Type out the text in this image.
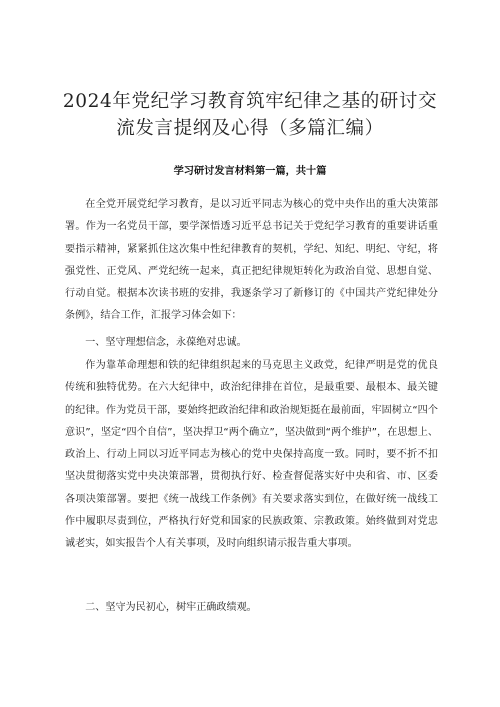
2024年党纪学习教育筑牢纪律之基的研讨交
流发言提纲及心得（多篇汇编）
学习研讨发言材料第一篇，共十篇

在全党开展党纪学习教育，是以习近平同志为核心的党中央作出的重大决策部署。作为一名党员干部，要学深悟透习近平总书记关于党纪学习教育的重要讲话重要指示精神，紧紧抓住这次集中性纪律教育的契机，学纪、知纪、明纪、守纪，将强党性、正党风、严党纪统一起来，真正把纪律规矩转化为政治自觉、思想自觉、行动自觉。根据本次读书班的安排，我逐条学习了新修订的《中国共产党纪律处分条例》，结合工作，汇报学习体会如下：

一、坚守理想信念，永葆绝对忠诚。

作为靠革命理想和铁的纪律组织起来的马克思主义政党，纪律严明是党的优良传统和独特优势。在六大纪律中，政治纪律排在首位，是最重要、最根本、最关键的纪律。作为党员干部，要始终把政治纪律和政治规矩挺在最前面，牢固树立“四个意识”，坚定“四个自信”，坚决捍卫“两个确立”，坚决做到“两个维护”，在思想上、政治上、行动上同以习近平同志为核心的党中央保持高度一致。同时，要不折不扣坚决贯彻落实党中央决策部署，贯彻执行好、检查督促落实好中央和省、市、区委各项决策部署。要把《统一战线工作条例》有关要求落实到位，在做好统一战线工作中履职尽责到位，严格执行好党和国家的民族政策、宗教政策。始终做到对党忠诚老实，如实报告个人有关事项，及时向组织请示报告重大事项。

二、坚守为民初心，树牢正确政绩观。
